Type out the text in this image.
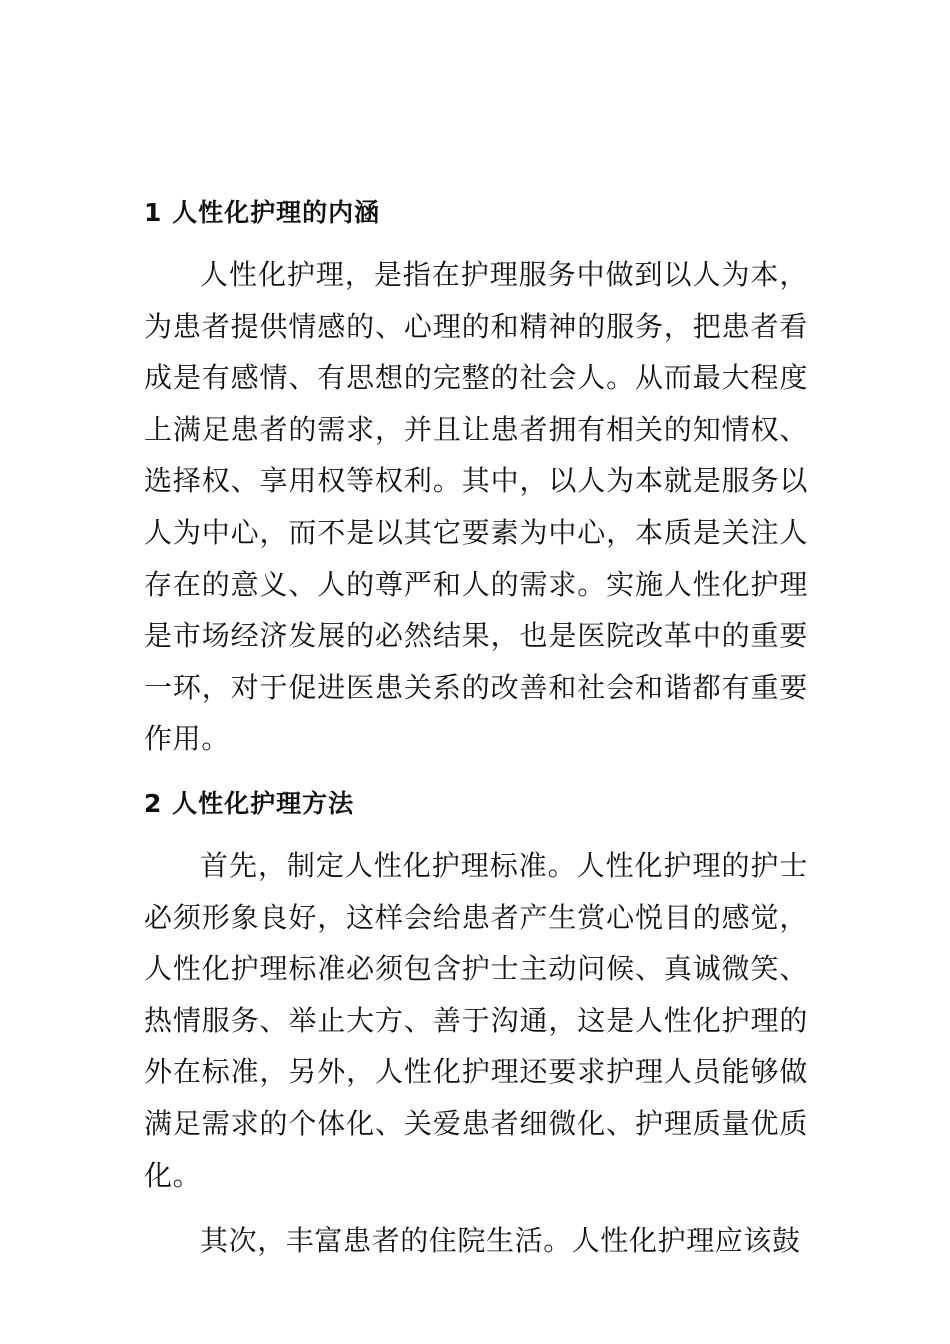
1 人性化护理的内涵

人性化护理，是指在护理服务中做到以人为本，为患者提供情感的、心理的和精神的服务，把患者看成是有感情、有思想的完整的社会人。从而最大程度上满足患者的需求，并且让患者拥有相关的知情权、选择权、享用权等权利。其中，以人为本就是服务以人为中心，而不是以其它要素为中心，本质是关注人存在的意义、人的尊严和人的需求。实施人性化护理是市场经济发展的必然结果，也是医院改革中的重要一环，对于促进医患关系的改善和社会和谐都有重要作用。

2 人性化护理方法

首先，制定人性化护理标准。人性化护理的护士必须形象良好，这样会给患者产生赏心悦目的感觉，人性化护理标准必须包含护士主动问候、真诚微笑、热情服务、举止大方、善于沟通，这是人性化护理的外在标准，另外，人性化护理还要求护理人员能够做满足需求的个体化、关爱患者细微化、护理质量优质化。

其次，丰富患者的住院生活。人性化护理应该鼓
